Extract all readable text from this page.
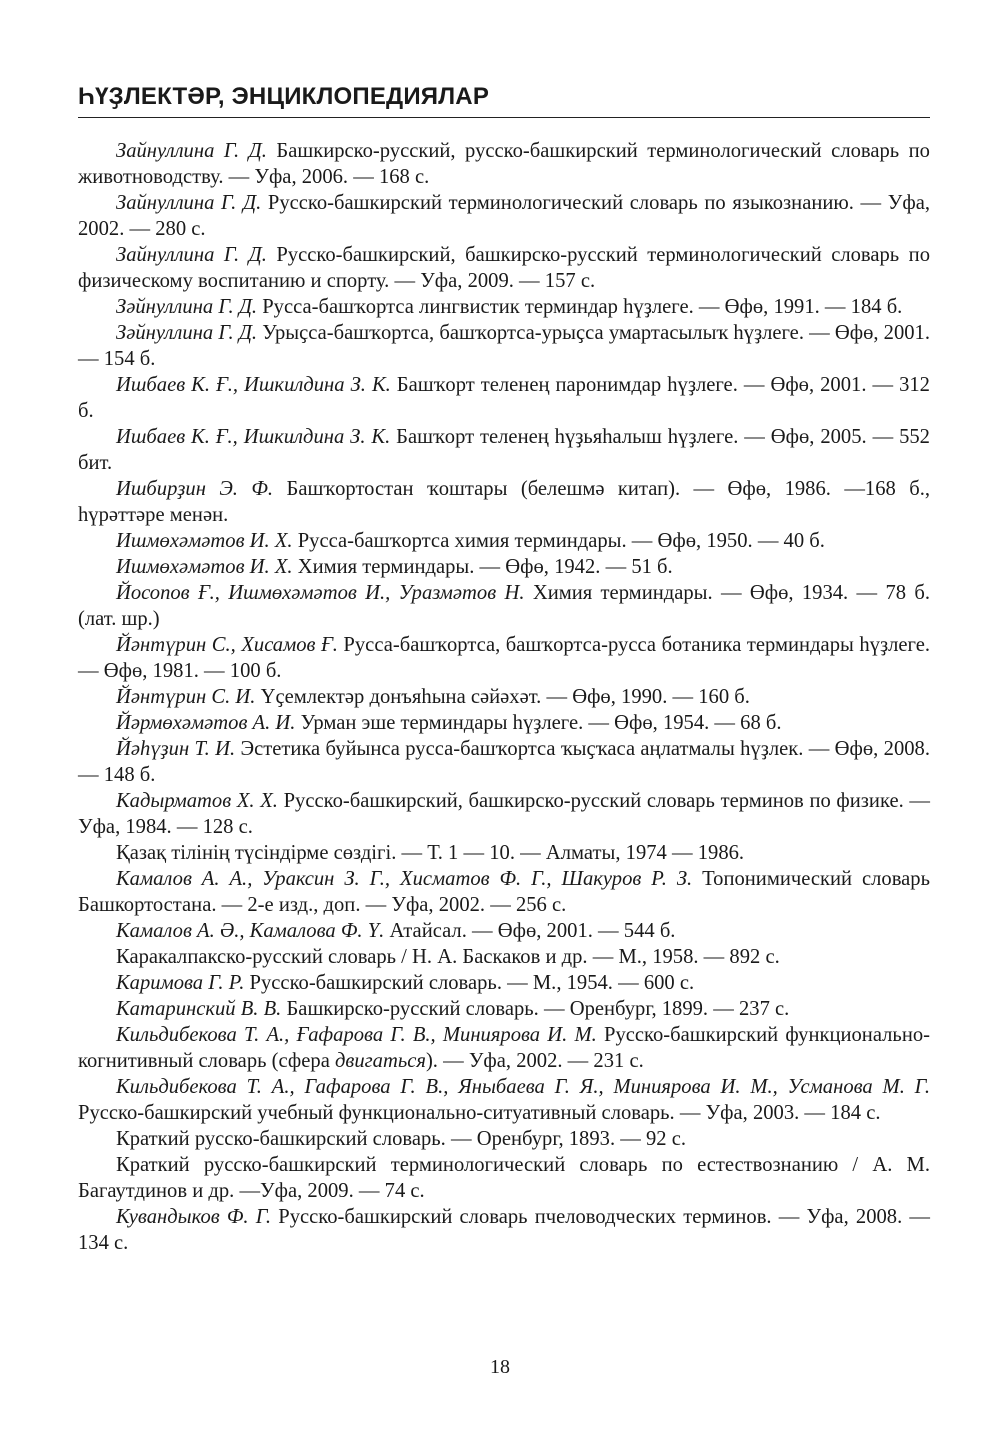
ҺҮҘЛЕКТӘР, ЭНЦИКЛОПЕДИЯЛАР

Зайнуллина Г. Д. Башкирско-русский, русско-башкирский терминологический словарь по животноводству. — Уфа, 2006. — 168 с.

Зайнуллина Г. Д. Русско-башкирский терминологический словарь по языкознанию. — Уфа, 2002. — 280 с.

Зайнуллина Г. Д. Русско-башкирский, башкирско-русский терминологический словарь по физическому воспитанию и спорту. — Уфа, 2009. — 157 с.

Зәйнуллина Г. Д. Русса-башҡортса лингвистик терминдар һүҙлеге. — Өфө, 1991. — 184 б.

Зәйнуллина Г. Д. Урыҫса-башҡортса, башҡортса-урыҫса умартасылыҡ һүҙлеге. — Өфө, 2001. — 154 б.

Ишбаев К. Ғ., Ишкилдина З. К. Башҡорт теленең паронимдар һүҙлеге. — Өфө, 2001. — 312 б.

Ишбаев К. Ғ., Ишкилдина З. К. Башҡорт теленең һүҙьяһалыш һүҙлеге. — Өфө, 2005. — 552 бит.

Ишбирҙин Э. Ф. Башҡортостан ҡоштары (белешмә китап). — Өфө, 1986. —168 б., һүрәттәре менән.

Ишмөхәмәтов И. Х. Русса-башҡортса химия терминдары. — Өфө, 1950. — 40 б.

Ишмөхәмәтов И. Х. Химия терминдары. — Өфө, 1942. — 51 б.

Йосопов Ғ., Ишмөхәмәтов И., Уразмәтов Н. Химия терминдары. — Өфө, 1934. — 78 б. (лат. шр.)

Йәнтүрин С., Хисамов Ғ. Русса-башҡортса, башҡортса-русса ботаника терминдары һүҙлеге. — Өфө, 1981. — 100 б.

Йәнтүрин С. И. Үҫемлектәр донъяһына сәйәхәт. — Өфө, 1990. — 160 б.

Йәрмөхәмәтов А. И. Урман эше терминдары һүҙлеге. — Өфө, 1954. — 68 б.

Йәһүҙин Т. И. Эстетика буйынса русса-башҡортса ҡыҫҡаса аңлатмалы һүҙлек. — Өфө, 2008. — 148 б.

Кадырматов Х. Х. Русско-башкирский, башкирско-русский словарь терминов по физике. — Уфа, 1984. — 128 с.

Қазақ тілінің түсіндірме сөздігі. — Т. 1 — 10. — Алматы, 1974 — 1986.

Камалов А. А., Ураксин З. Г., Хисматов Ф. Г., Шакуров Р. З. Топонимический словарь Башкортостана. — 2-е изд., доп. — Уфа, 2002. — 256 с.

Камалов А. Ә., Камалова Ф. Ү. Атайсал. — Өфө, 2001. — 544 б.

Каракалпакско-русский словарь / Н. А. Баскаков и др. — М., 1958. — 892 с.

Каримова Г. Р. Русско-башкирский словарь. — М., 1954. — 600 с.

Катаринский В. В. Башкирско-русский словарь. — Оренбург, 1899. — 237 с.

Кильдибекова Т. А., Ғафарова Г. В., Миниярова И. М. Русско-башкирский функционально-когнитивный словарь (сфера двигаться). — Уфа, 2002. — 231 с.

Кильдибекова Т. А., Гафарова Г. В., Яныбаева Г. Я., Миниярова И. М., Усманова М. Г. Русско-башкирский учебный функционально-ситуативный словарь. — Уфа, 2003. — 184 с.

Краткий русско-башкирский словарь. — Оренбург, 1893. — 92 с.

Краткий русско-башкирский терминологический словарь по естествознанию / А. М. Багаутдинов и др. —Уфа, 2009. — 74 с.

Кувандыков Ф. Г. Русско-башкирский словарь пчеловодческих терминов. — Уфа, 2008. — 134 с.

18
